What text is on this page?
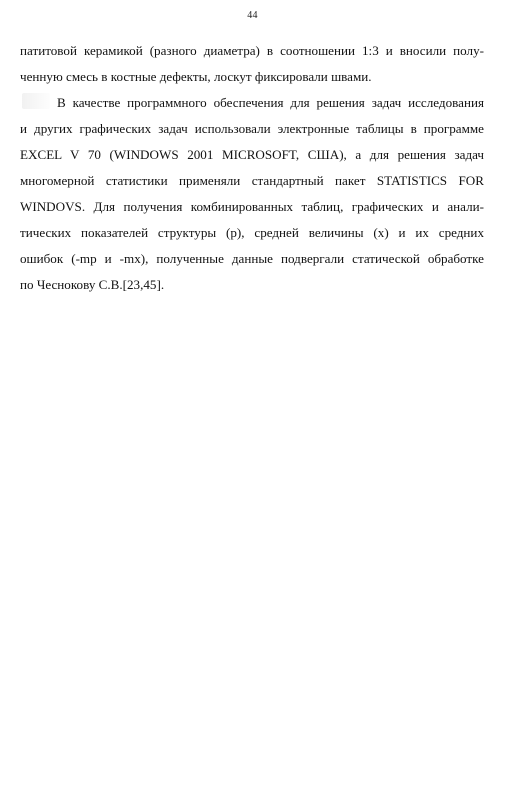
44
патитовой керамикой (разного диаметра) в соотношении 1:3 и вносили полу-
ченную смесь в костные дефекты, лоскут фиксировали швами.
В качестве программного обеспечения для решения задач исследования
и других графических задач использовали электронные таблицы в программе
EXCEL V 70 (WINDOWS 2001 MICROSOFT, США), а для решения задач
многомерной статистики применяли стандартный пакет STATISTICS FOR
WINDOVS. Для получения комбинированных таблиц, графических и анали-
тических показателей структуры (р), средней величины (х) и их средних
ошибок (-mp и -mx), полученные данные подвергали статической обработке
по Чеснокову С.В.[23,45].
